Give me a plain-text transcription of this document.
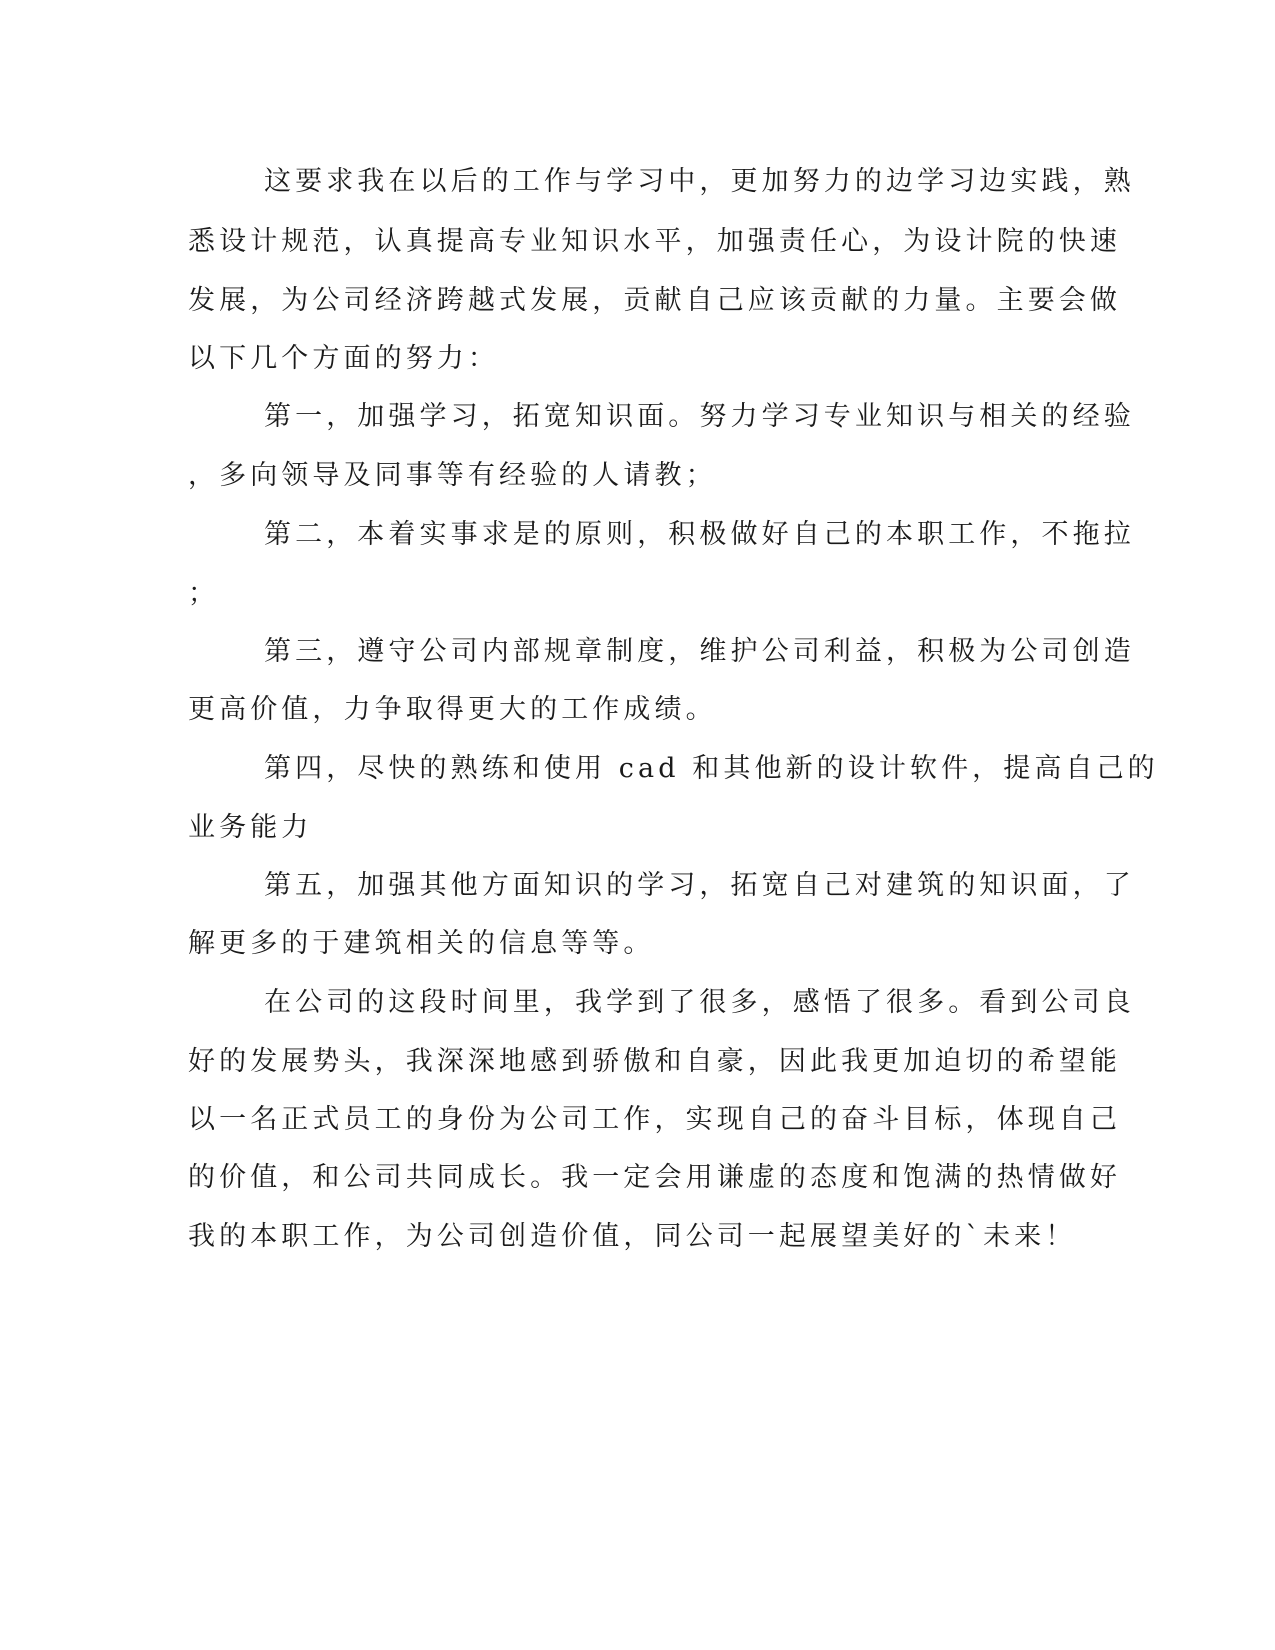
这要求我在以后的工作与学习中，更加努力的边学习边实践，熟
悉设计规范，认真提高专业知识水平，加强责任心，为设计院的快速
发展，为公司经济跨越式发展，贡献自己应该贡献的力量。主要会做
以下几个方面的努力：
第一，加强学习，拓宽知识面。努力学习专业知识与相关的经验
，多向领导及同事等有经验的人请教；
第二，本着实事求是的原则，积极做好自己的本职工作，不拖拉
；
第三，遵守公司内部规章制度，维护公司利益，积极为公司创造
更高价值，力争取得更大的工作成绩。
第四，尽快的熟练和使用 cad 和其他新的设计软件，提高自己的
业务能力
第五，加强其他方面知识的学习，拓宽自己对建筑的知识面，了
解更多的于建筑相关的信息等等。
在公司的这段时间里，我学到了很多，感悟了很多。看到公司良
好的发展势头，我深深地感到骄傲和自豪，因此我更加迫切的希望能
以一名正式员工的身份为公司工作，实现自己的奋斗目标，体现自己
的价值，和公司共同成长。我一定会用谦虚的态度和饱满的热情做好
我的本职工作，为公司创造价值，同公司一起展望美好的`未来！
